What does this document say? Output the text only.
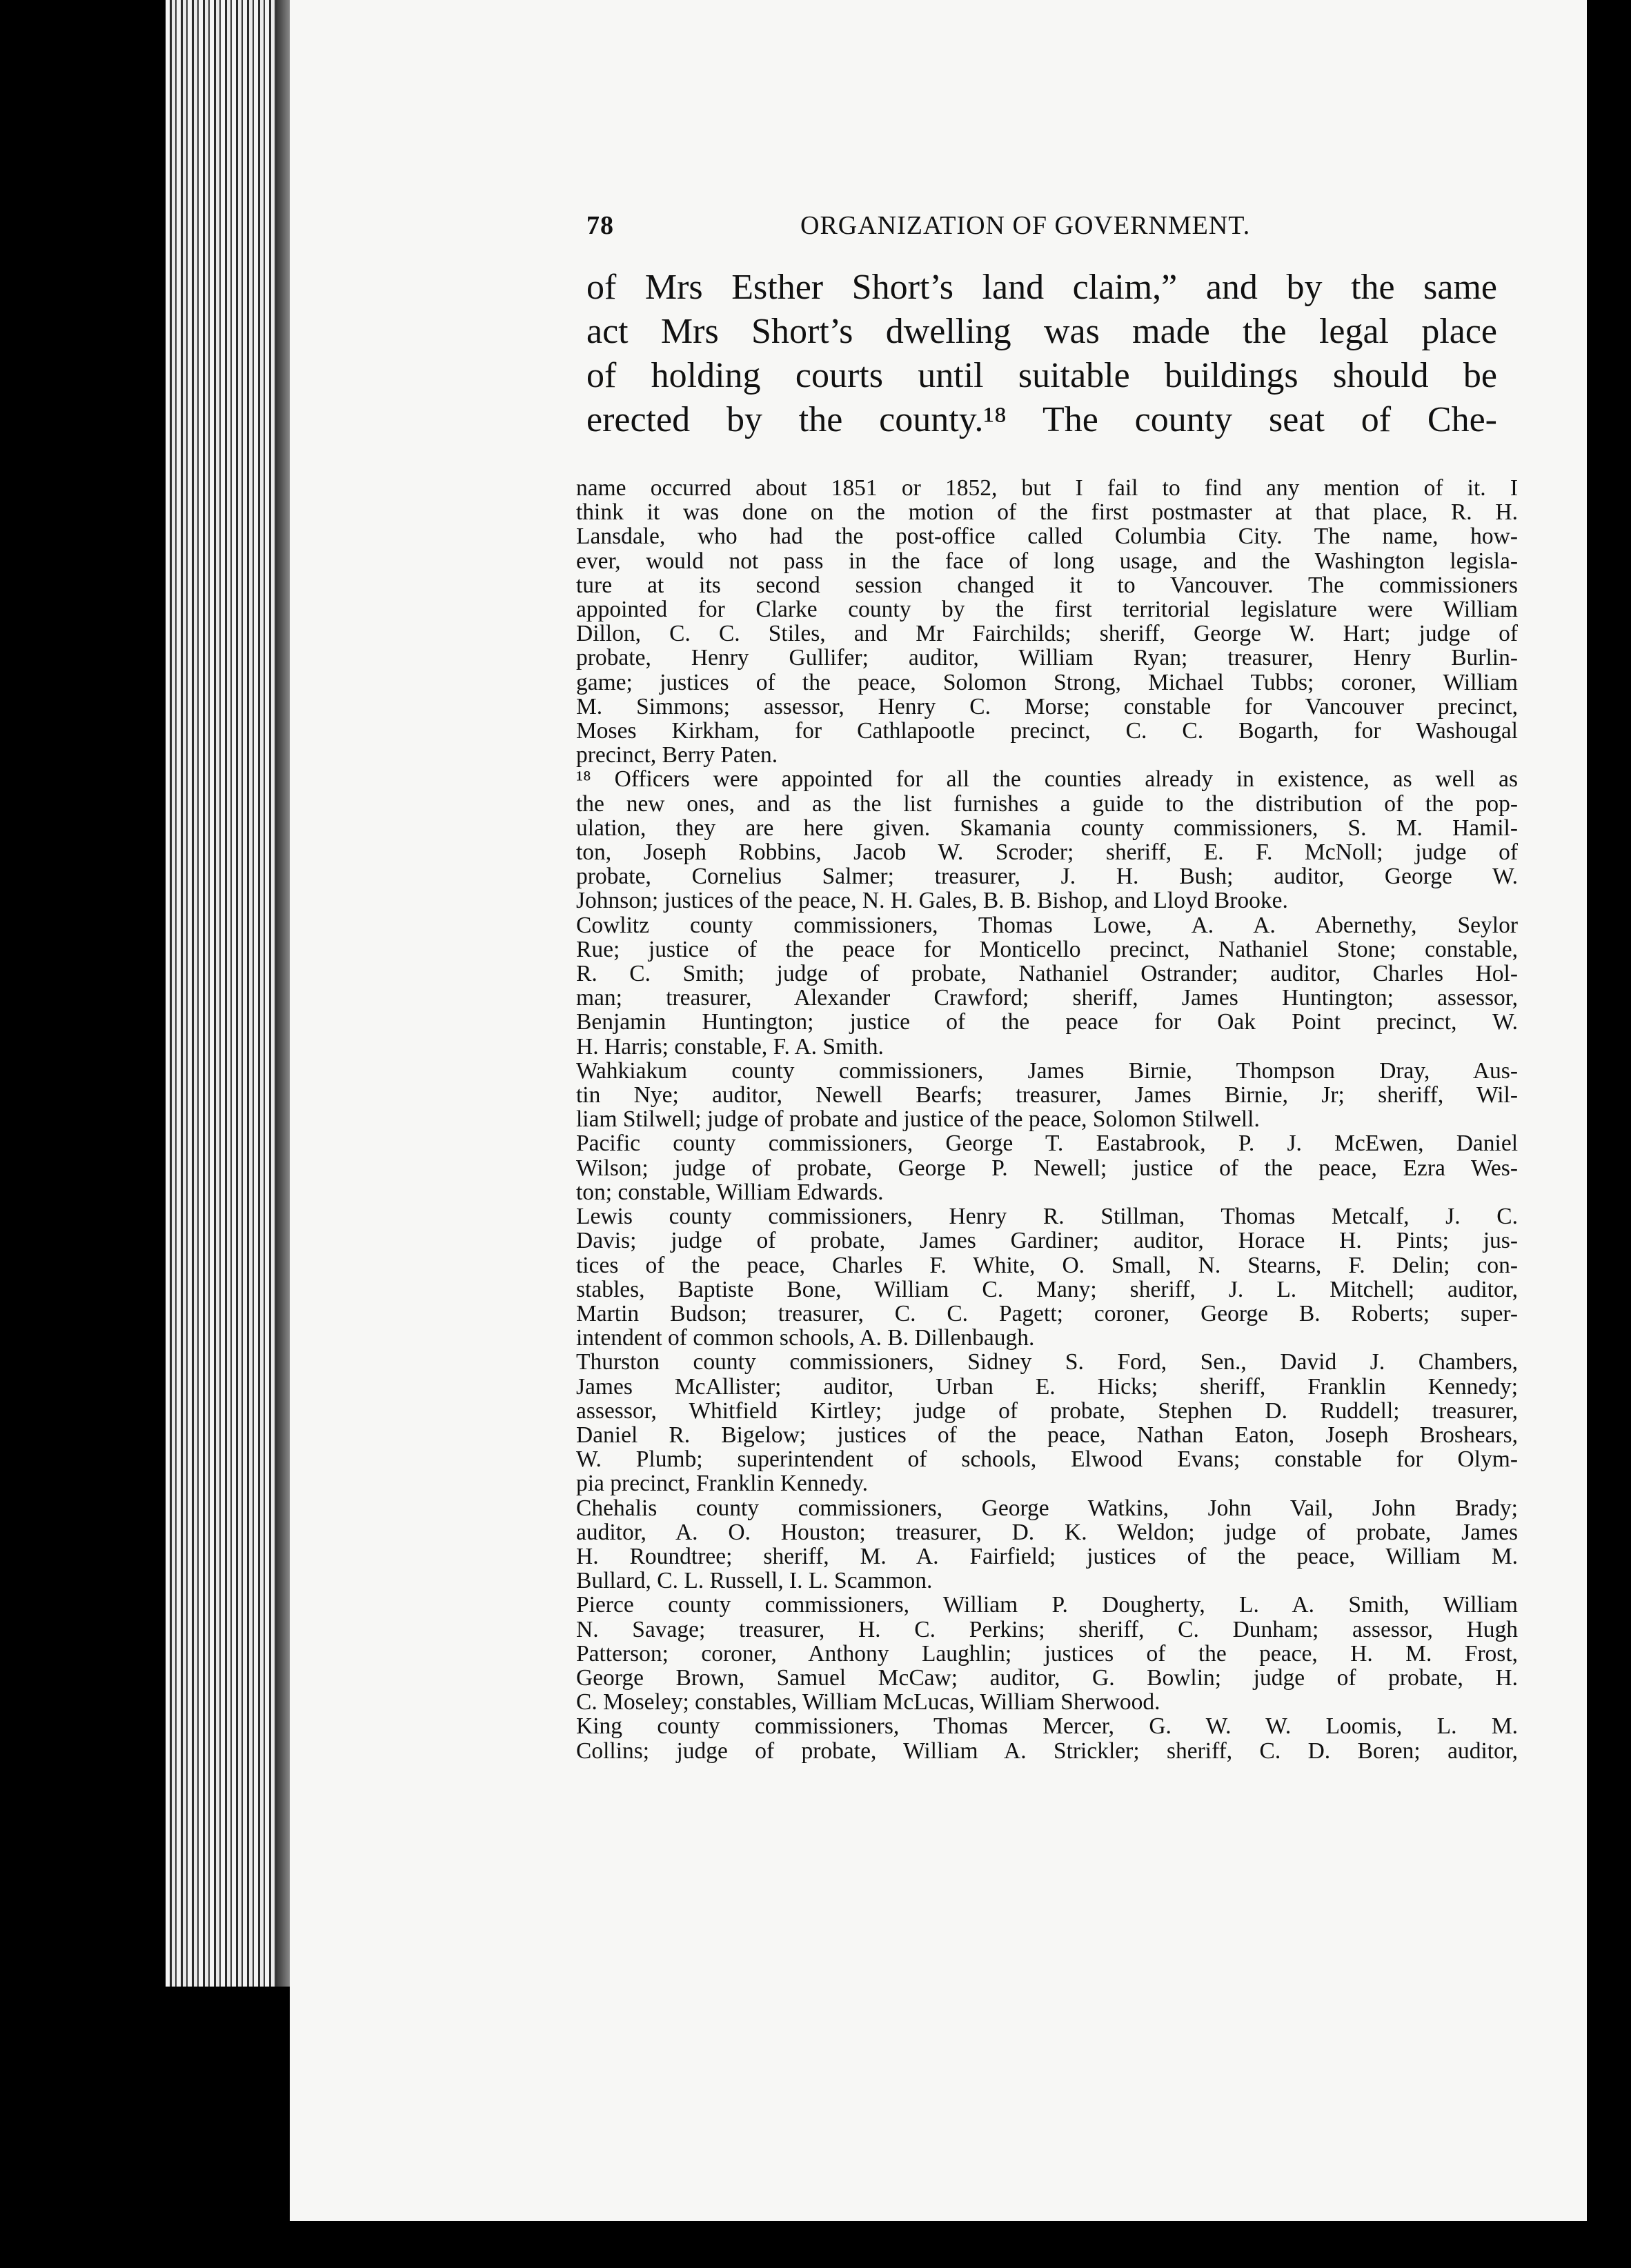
78	ORGANIZATION OF GOVERNMENT.
of Mrs Esther Short’s land claim,” and by the same
act Mrs Short’s dwelling was made the legal place
of holding courts until suitable buildings should be
erected by the county.¹⁸ The county seat of Che-
name occurred about 1851 or 1852, but I fail to find any mention of it. I
think it was done on the motion of the first postmaster at that place, R. H.
Lansdale, who had the post-office called Columbia City. The name, how-
ever, would not pass in the face of long usage, and the Washington legisla-
ture at its second session changed it to Vancouver. The commissioners
appointed for Clarke county by the first territorial legislature were William
Dillon, C. C. Stiles, and Mr Fairchilds; sheriff, George W. Hart; judge of
probate, Henry Gullifer; auditor, William Ryan; treasurer, Henry Burlin-
game; justices of the peace, Solomon Strong, Michael Tubbs; coroner, William
M. Simmons; assessor, Henry C. Morse; constable for Vancouver precinct,
Moses Kirkham, for Cathlapootle precinct, C. C. Bogarth, for Washougal
precinct, Berry Paten.
¹⁸ Officers were appointed for all the counties already in existence, as well as
the new ones, and as the list furnishes a guide to the distribution of the pop-
ulation, they are here given. Skamania county commissioners, S. M. Hamil-
ton, Joseph Robbins, Jacob W. Scroder; sheriff, E. F. McNoll; judge of
probate, Cornelius Salmer; treasurer, J. H. Bush; auditor, George W.
Johnson; justices of the peace, N. H. Gales, B. B. Bishop, and Lloyd Brooke.
Cowlitz county commissioners, Thomas Lowe, A. A. Abernethy, Seylor
Rue; justice of the peace for Monticello precinct, Nathaniel Stone; constable,
R. C. Smith; judge of probate, Nathaniel Ostrander; auditor, Charles Hol-
man; treasurer, Alexander Crawford; sheriff, James Huntington; assessor,
Benjamin Huntington; justice of the peace for Oak Point precinct, W.
H. Harris; constable, F. A. Smith.
Wahkiakum county commissioners, James Birnie, Thompson Dray, Aus-
tin Nye; auditor, Newell Bearfs; treasurer, James Birnie, Jr; sheriff, Wil-
liam Stilwell; judge of probate and justice of the peace, Solomon Stilwell.
Pacific county commissioners, George T. Eastabrook, P. J. McEwen, Daniel
Wilson; judge of probate, George P. Newell; justice of the peace, Ezra Wes-
ton; constable, William Edwards.
Lewis county commissioners, Henry R. Stillman, Thomas Metcalf, J. C.
Davis; judge of probate, James Gardiner; auditor, Horace H. Pints; jus-
tices of the peace, Charles F. White, O. Small, N. Stearns, F. Delin; con-
stables, Baptiste Bone, William C. Many; sheriff, J. L. Mitchell; auditor,
Martin Budson; treasurer, C. C. Pagett; coroner, George B. Roberts; super-
intendent of common schools, A. B. Dillenbaugh.
Thurston county commissioners, Sidney S. Ford, Sen., David J. Chambers,
James McAllister; auditor, Urban E. Hicks; sheriff, Franklin Kennedy;
assessor, Whitfield Kirtley; judge of probate, Stephen D. Ruddell; treasurer,
Daniel R. Bigelow; justices of the peace, Nathan Eaton, Joseph Broshears,
W. Plumb; superintendent of schools, Elwood Evans; constable for Olym-
pia precinct, Franklin Kennedy.
Chehalis county commissioners, George Watkins, John Vail, John Brady;
auditor, A. O. Houston; treasurer, D. K. Weldon; judge of probate, James
H. Roundtree; sheriff, M. A. Fairfield; justices of the peace, William M.
Bullard, C. L. Russell, I. L. Scammon.
Pierce county commissioners, William P. Dougherty, L. A. Smith, William
N. Savage; treasurer, H. C. Perkins; sheriff, C. Dunham; assessor, Hugh
Patterson; coroner, Anthony Laughlin; justices of the peace, H. M. Frost,
George Brown, Samuel McCaw; auditor, G. Bowlin; judge of probate, H.
C. Moseley; constables, William McLucas, William Sherwood.
King county commissioners, Thomas Mercer, G. W. W. Loomis, L. M.
Collins; judge of probate, William A. Strickler; sheriff, C. D. Boren; auditor,
